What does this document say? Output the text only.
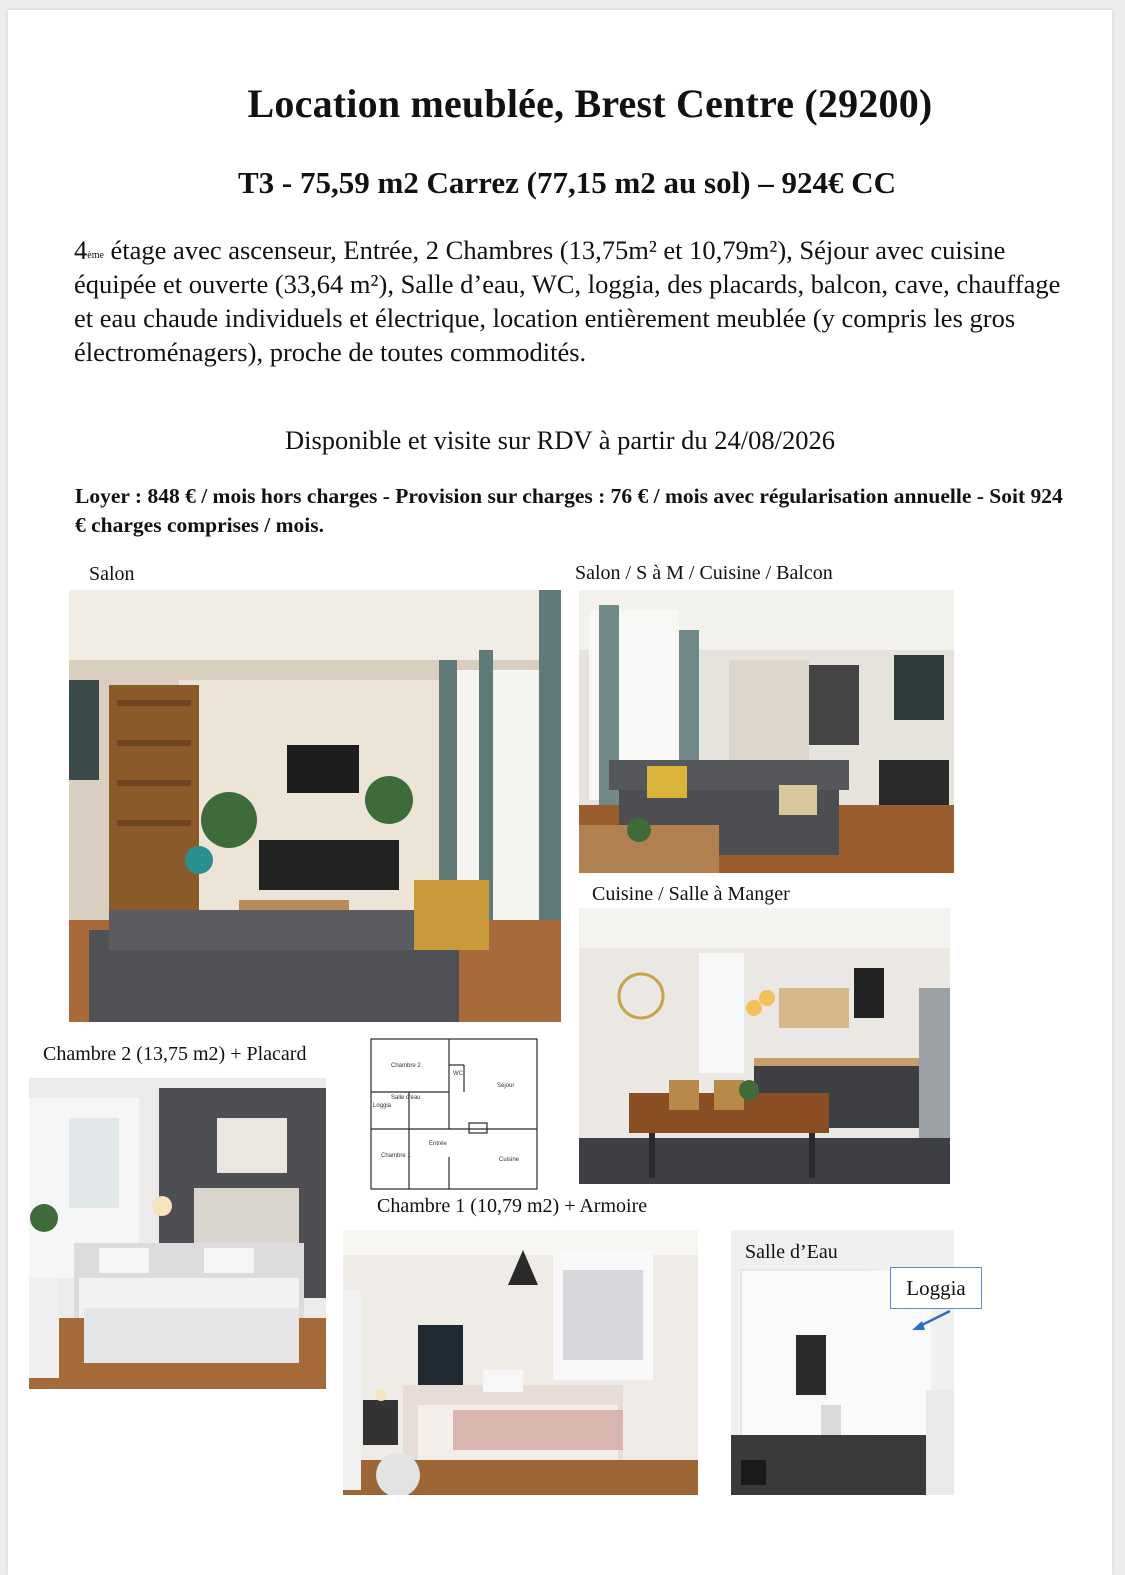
Location meublée, Brest Centre (29200)
T3 - 75,59 m2 Carrez (77,15 m2 au sol) – 924€ CC
4ème étage avec ascenseur, Entrée, 2 Chambres (13,75m² et 10,79m²), Séjour avec cuisine équipée et ouverte (33,64 m²), Salle d’eau, WC, loggia, des placards, balcon, cave, chauffage et eau chaude individuels et électrique, location entièrement meublée (y compris les gros électroménagers), proche de toutes commodités.
Disponible et visite sur RDV à partir du 24/08/2026
Loyer : 848 € / mois hors charges - Provision sur charges : 76 € / mois avec régularisation annuelle - Soit 924 € charges comprises / mois.
Salon	Salon / S à M / Cuisine / Balcon
Cuisine / Salle à Manger
Chambre 2 (13,75 m2) + Placard
Chambre 1 (10,79 m2) + Armoire
Chambre 2
WC
Séjour
Loggia
Salle d'eau
Entrée
Chambre 1
Cuisine
Salle d’Eau
Loggia
